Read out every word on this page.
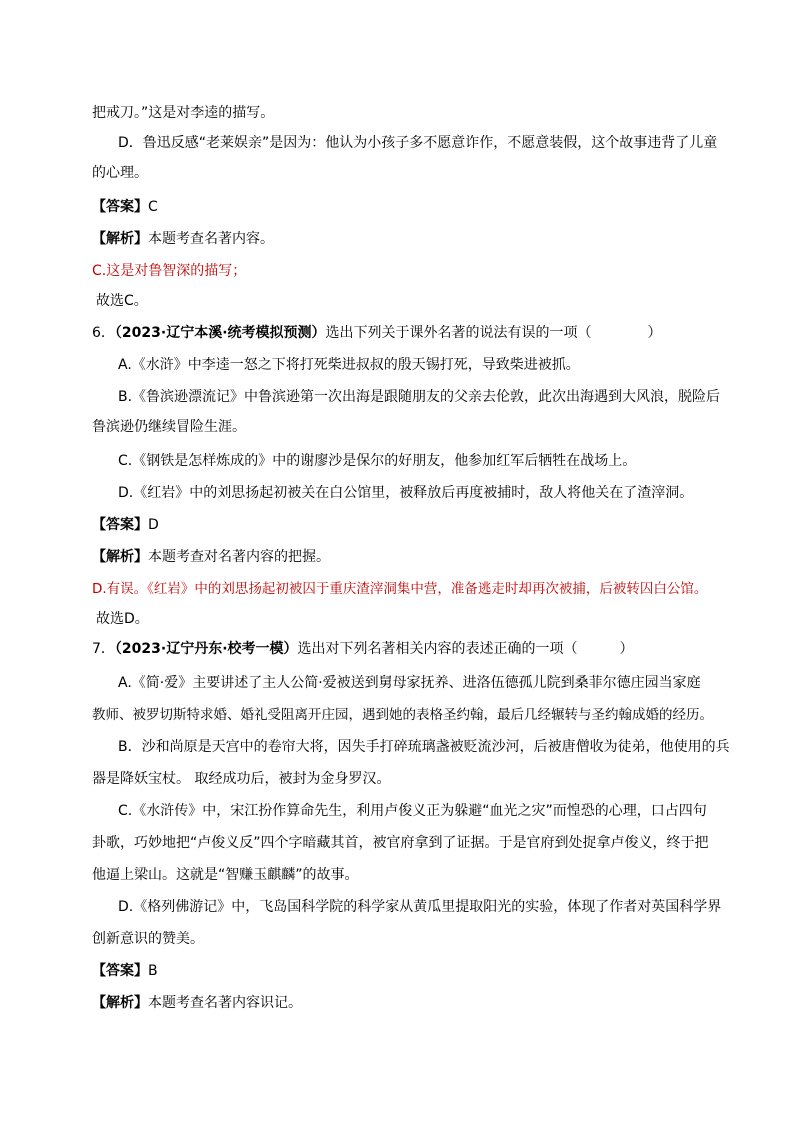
把戒刀。”这是对李逵的描写。
D．鲁迅反感“老莱娱亲”是因为：他认为小孩子多不愿意诈作，不愿意装假，这个故事违背了儿童
的心理。
【答案】C
【解析】本题考查名著内容。
C.这是对鲁智深的描写；
故选C。
6．（2023·辽宁本溪·统考模拟预测）选出下列关于课外名著的说法有误的一项（　　　　）
A.《水浒》中李逵一怒之下将打死柴进叔叔的殷天锡打死，导致柴进被抓。
B.《鲁滨逊漂流记》中鲁滨逊第一次出海是跟随朋友的父亲去伦敦，此次出海遇到大风浪，脱险后
鲁滨逊仍继续冒险生涯。
C.《钢铁是怎样炼成的》中的谢廖沙是保尔的好朋友，他参加红军后牺牲在战场上。
D.《红岩》中的刘思扬起初被关在白公馆里，被释放后再度被捕时，敌人将他关在了渣滓洞。
【答案】D
【解析】本题考查对名著内容的把握。
D.有误。《红岩》中的刘思扬起初被囚于重庆渣滓洞集中营，准备逃走时却再次被捕，后被转囚白公馆。
故选D。
7．（2023·辽宁丹东·校考一模）选出对下列名著相关内容的表述正确的一项（　　　）
A.《简·爱》主要讲述了主人公简·爱被送到舅母家抚养、进洛伍德孤儿院到桑菲尔德庄园当家庭
教师、被罗切斯特求婚、婚礼受阻离开庄园，遇到她的表格圣约翰，最后几经辗转与圣约翰成婚的经历。
B．沙和尚原是天宫中的卷帘大将，因失手打碎琉璃盏被贬流沙河，后被唐僧收为徒弟，他使用的兵
器是降妖宝杖。 取经成功后，被封为金身罗汉。
C.《水浒传》中，宋江扮作算命先生，利用卢俊义正为躲避“血光之灾”而惶恐的心理，口占四句
卦歌，巧妙地把“卢俊义反”四个字暗藏其首，被官府拿到了证据。于是官府到处捉拿卢俊义，终于把
他逼上梁山。这就是“智赚玉麒麟”的故事。
D.《格列佛游记》中，飞岛国科学院的科学家从黄瓜里提取阳光的实验，体现了作者对英国科学界
创新意识的赞美。
【答案】B
【解析】本题考查名著内容识记。
